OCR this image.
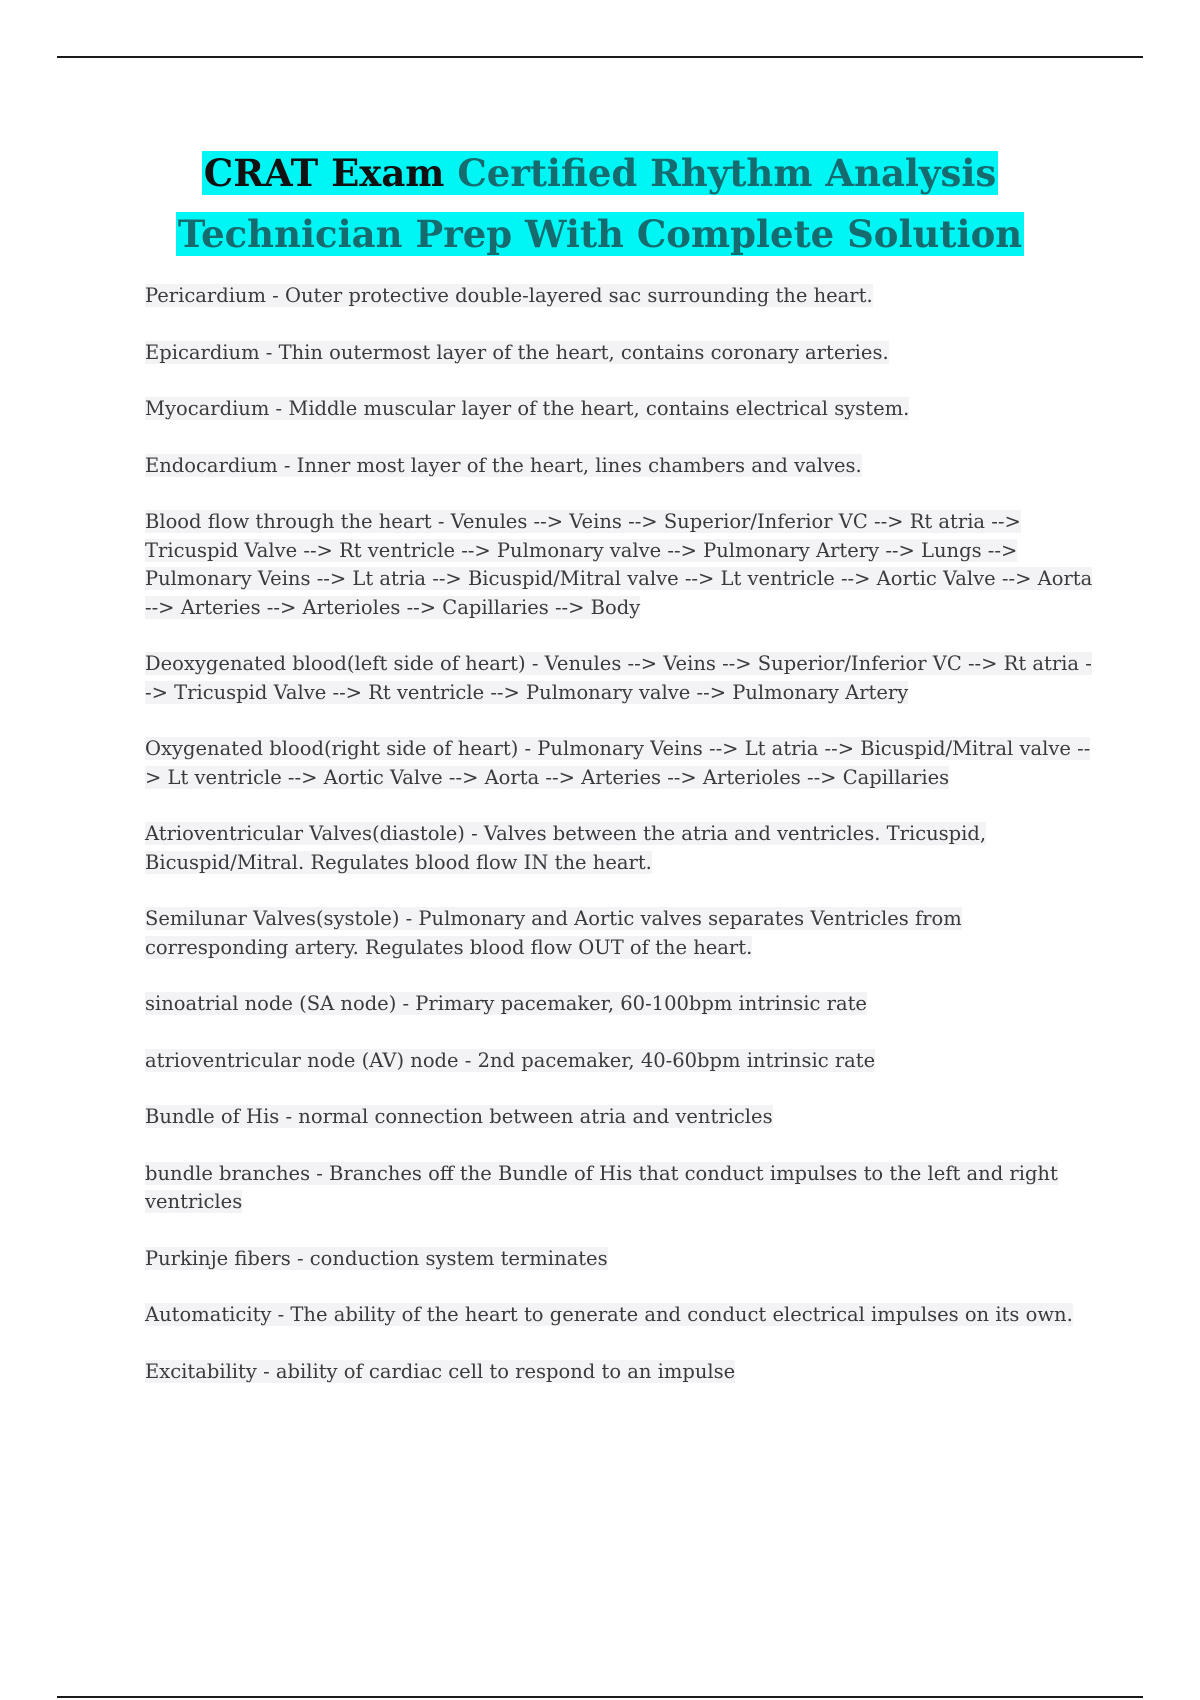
CRAT Exam Certified Rhythm Analysis
Technician Prep With Complete Solution
Pericardium - Outer protective double-layered sac surrounding the heart.
Epicardium - Thin outermost layer of the heart, contains coronary arteries.
Myocardium - Middle muscular layer of the heart, contains electrical system.
Endocardium - Inner most layer of the heart, lines chambers and valves.
Blood flow through the heart - Venules --> Veins --> Superior/Inferior VC --> Rt atria --> Tricuspid Valve --> Rt ventricle --> Pulmonary valve --> Pulmonary Artery --> Lungs --> Pulmonary Veins --> Lt atria --> Bicuspid/Mitral valve --> Lt ventricle --> Aortic Valve --> Aorta --> Arteries --> Arterioles --> Capillaries --> Body
Deoxygenated blood(left side of heart) - Venules --> Veins --> Superior/Inferior VC --> Rt atria --> Tricuspid Valve --> Rt ventricle --> Pulmonary valve --> Pulmonary Artery
Oxygenated blood(right side of heart) - Pulmonary Veins --> Lt atria --> Bicuspid/Mitral valve --> Lt ventricle --> Aortic Valve --> Aorta --> Arteries --> Arterioles --> Capillaries
Atrioventricular Valves(diastole) - Valves between the atria and ventricles. Tricuspid, Bicuspid/Mitral. Regulates blood flow IN the heart.
Semilunar Valves(systole) - Pulmonary and Aortic valves separates Ventricles from corresponding artery. Regulates blood flow OUT of the heart.
sinoatrial node (SA node) - Primary pacemaker, 60-100bpm intrinsic rate
atrioventricular node (AV) node - 2nd pacemaker, 40-60bpm intrinsic rate
Bundle of His - normal connection between atria and ventricles
bundle branches - Branches off the Bundle of His that conduct impulses to the left and right ventricles
Purkinje fibers - conduction system terminates
Automaticity - The ability of the heart to generate and conduct electrical impulses on its own.
Excitability - ability of cardiac cell to respond to an impulse
